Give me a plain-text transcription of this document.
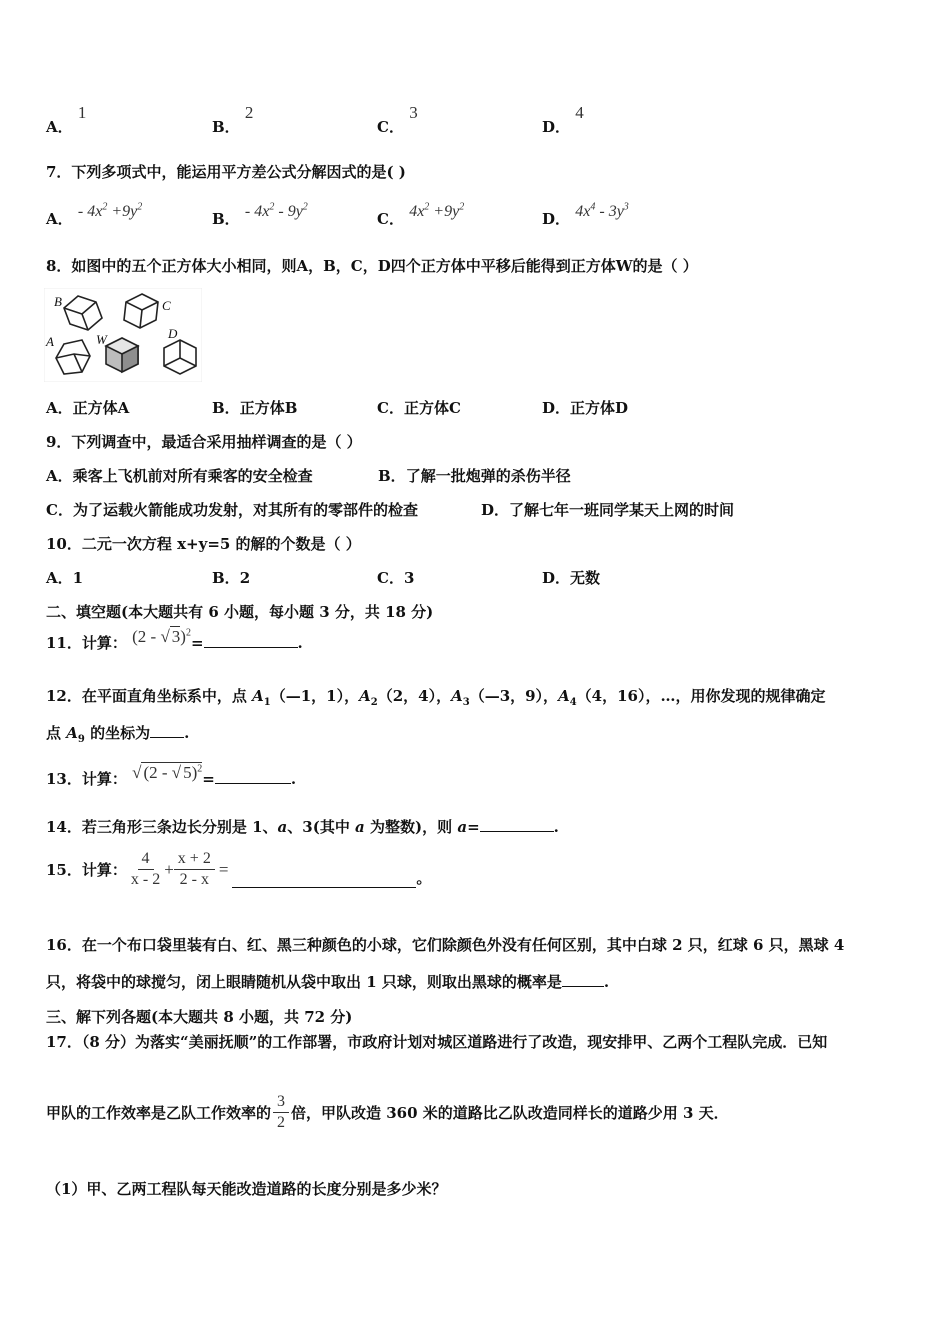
A． 1
B． 2
C． 3
D． 4
7．下列多项式中，能运用平方差公式分解因式的是( )
A． - $4x^2 +9y^2$
B． - $4x^2 - 9y^2$
C． $4x^2 +9y^2$
D． $4x^4 - 3y^3$
8．如图中的五个正方体大小相同，则A，B，C，D四个正方体中平移后能得到正方体W的是（ ）
B	C
A	W	D
A．正方体A	B．正方体B	C．正方体C	D．正方体D
9．下列调查中，最适合采用抽样调查的是（ ）
A．乘客上飞机前对所有乘客的安全检查	B．了解一批炮弹的杀伤半径
C．为了运载火箭能成功发射，对其所有的零部件的检查	D．了解七年一班同学某天上网的时间
10．二元一次方程 x+y=5 的解的个数是（ ）
A．1	B．2	C．3	D．无数
二、填空题(本大题共有 6 小题，每小题 3 分，共 18 分)
11．计算： (2 - √ 3)$^2$=	.
12．在平面直角坐标系中，点 $A_1(—1$，1），$A_2(2$，4），$A_3(—3$，9），$A_4(4$，16），…，用你发现的规律确定
点 $A_9$ 的坐标为 .
13．计算： √ (2 - √ 5)$^2$=	.
14．若三角形三条边长分别是 1、a、3(其中 a 为整数)，则 a=	.
15．计算： $\frac{4}{x - 2} + \frac{x + 2}{2 - x}$ =	。
16．在一个布口袋里装有白、红、黑三种颜色的小球，它们除颜色外没有任何区别，其中白球 2 只，红球 6 只，黑球 4
只，将袋中的球搅匀，闭上眼睛随机从袋中取出 1 只球，则取出黑球的概率是	.
三、解下列各题(本大题共 8 小题，共 72 分)
17．（8 分）为落实“美丽抚顺”的工作部署，市政府计划对城区道路进行了改造，现安排甲、乙两个工程队完成．已知
甲队的工作效率是乙队工作效率的 $\frac{3}{2}$ 倍，甲队改造 360 米的道路比乙队改造同样长的道路少用 3 天．
（1）甲、乙两工程队每天能改造道路的长度分别是多少米？
